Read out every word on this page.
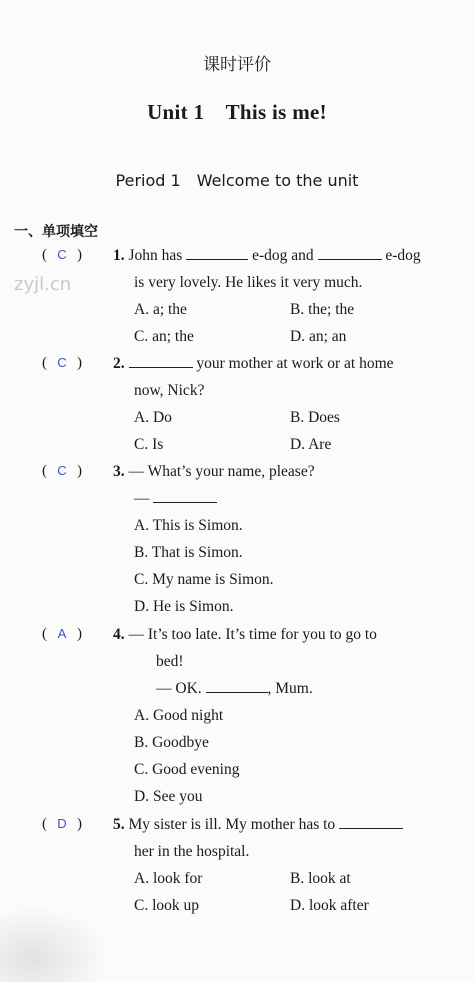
课时评价
Unit 1 This is me!
Period 1 Welcome to the unit
一、单项填空
zyjl.cn
( C ) 1. John has	e-dog and	e-dog
is very lovely. He likes it very much.
A. a; the	B. the; the
C. an; the	D. an; an
( C ) 2.	your mother at work or at home
now, Nick?
A. Do	B. Does
C. Is	D. Are
( C ) 3. — What’s your name, please?
—
A. This is Simon.
B. That is Simon.
C. My name is Simon.
D. He is Simon.
( A ) 4. — It’s too late. It’s time for you to go to
bed!
— OK.	, Mum.
A. Good night
B. Goodbye
C. Good evening
D. See you
( D ) 5. My sister is ill. My mother has to
her in the hospital.
A. look for	B. look at
C. look up	D. look after
